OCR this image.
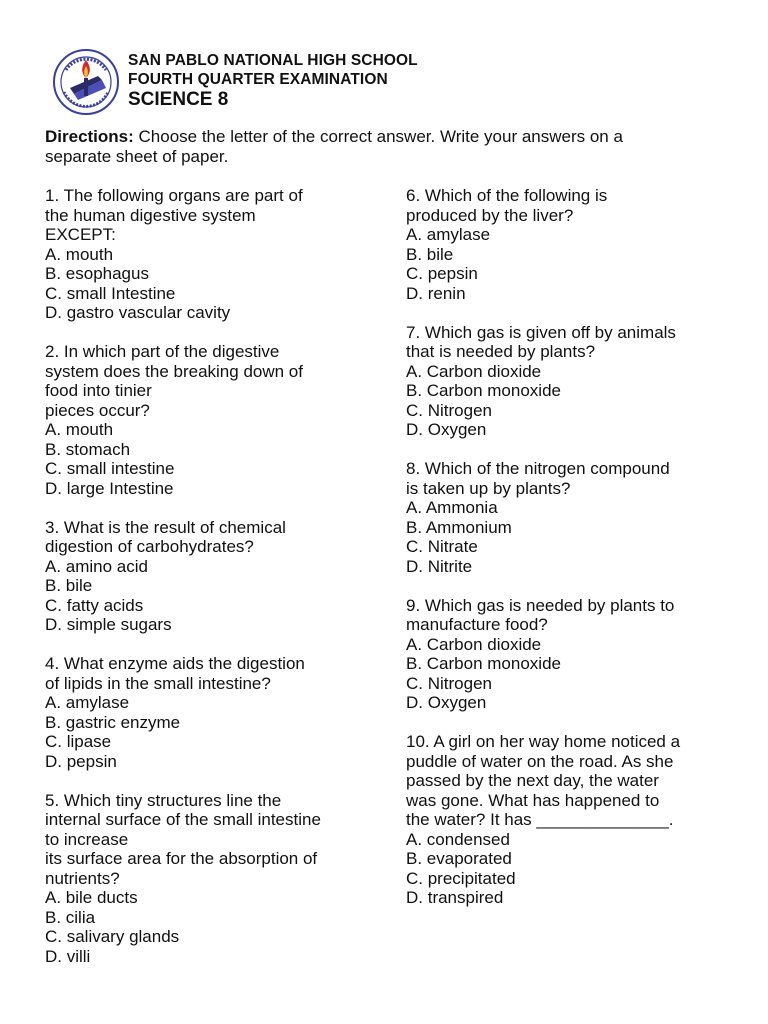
SAN PABLO NATIONAL HIGH SCHOOL
FOURTH QUARTER EXAMINATION
SCIENCE 8
Directions: Choose the letter of the correct answer. Write your answers on a
separate sheet of paper.
1. The following organs are part of
the human digestive system
EXCEPT:
A. mouth
B. esophagus
C. small Intestine
D. gastro vascular cavity
2. In which part of the digestive
system does the breaking down of
food into tinier
pieces occur?
A. mouth
B. stomach
C. small intestine
D. large Intestine
3. What is the result of chemical
digestion of carbohydrates?
A. amino acid
B. bile
C. fatty acids
D. simple sugars
4. What enzyme aids the digestion
of lipids in the small intestine?
A. amylase
B. gastric enzyme
C. lipase
D. pepsin
5. Which tiny structures line the
internal surface of the small intestine
to increase
its surface area for the absorption of
nutrients?
A. bile ducts
B. cilia
C. salivary glands
D. villi
6. Which of the following is
produced by the liver?
A. amylase
B. bile
C. pepsin
D. renin
7. Which gas is given off by animals
that is needed by plants?
A. Carbon dioxide
B. Carbon monoxide
C. Nitrogen
D. Oxygen
8. Which of the nitrogen compound
is taken up by plants?
A. Ammonia
B. Ammonium
C. Nitrate
D. Nitrite
9. Which gas is needed by plants to
manufacture food?
A. Carbon dioxide
B. Carbon monoxide
C. Nitrogen
D. Oxygen
10. A girl on her way home noticed a
puddle of water on the road. As she
passed by the next day, the water
was gone. What has happened to
the water? It has ______________.
A. condensed
B. evaporated
C. precipitated
D. transpired
